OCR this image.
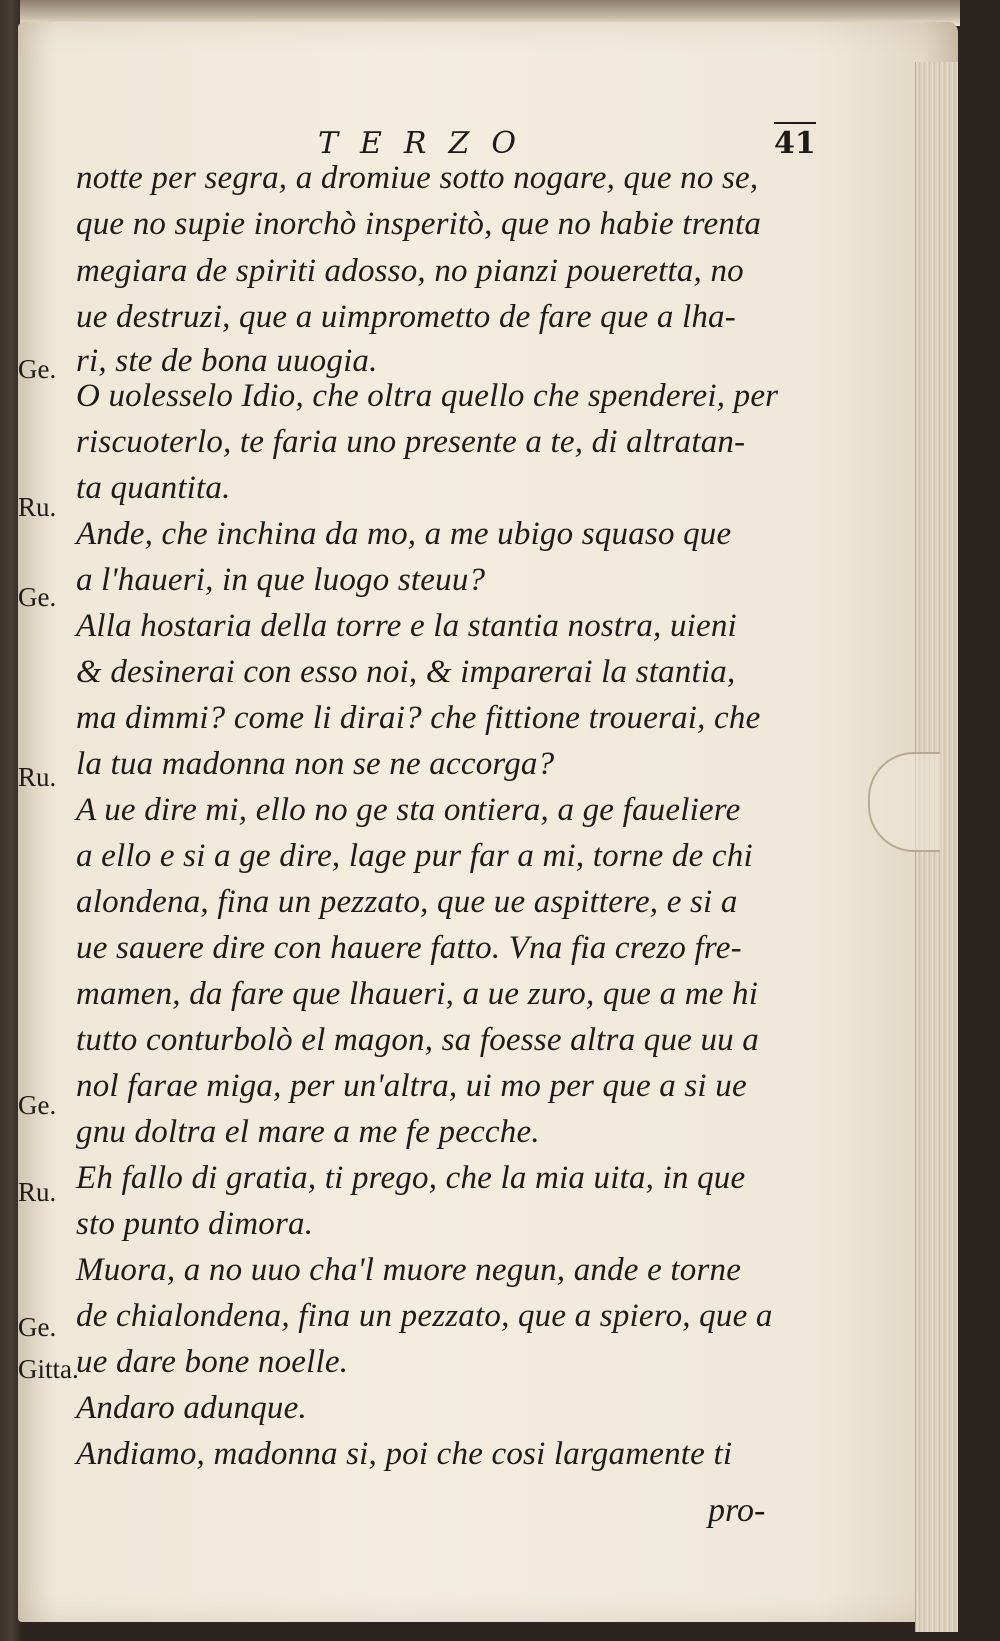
TERZO	41
notte per segra, a dromiue sotto nogare, que no se,
que no supie inorchò insperitò, que no habie trenta
megiara de spiriti adosso, no pianzi poueretta, no
ue destruzi, que a uimprometto de fare que a lha-
ri, ste de bona uuogia.
O uolesselo Idio, che oltra quello che spenderei, per
riscuoterlo, te faria uno presente a te, di altratan-
ta quantita.
Ande, che inchina da mo, a me ubigo squaso que
a l'haueri, in que luogo steuu?
Alla hostaria della torre e la stantia nostra, uieni
& desinerai con esso noi, & imparerai la stantia,
ma dimmi? come li dirai? che fittione trouerai, che
la tua madonna non se ne accorga?
A ue dire mi, ello no ge sta ontiera, a ge faueliere
a ello e si a ge dire, lage pur far a mi, torne de chi
alondena, fina un pezzato, que ue aspittere, e si a
ue sauere dire con hauere fatto. Vna fia crezo fre-
mamen, da fare que lhaueri, a ue zuro, que a me hi
tutto conturbolò el magon, sa foesse altra que uu a
nol farae miga, per un'altra, ui mo per que a si ue
gnu doltra el mare a me fe pecche.
Eh fallo di gratia, ti prego, che la mia uita, in que
sto punto dimora.
Muora, a no uuo cha'l muore negun, ande e torne
de chialondena, fina un pezzato, que a spiero, que a
ue dare bone noelle.
Andaro adunque.
Andiamo, madonna si, poi che cosi largamente ti
Ge.
Ru.
Ge.
Ru.
Ge.
Ru.
Ge.
Gitta.
pro-
